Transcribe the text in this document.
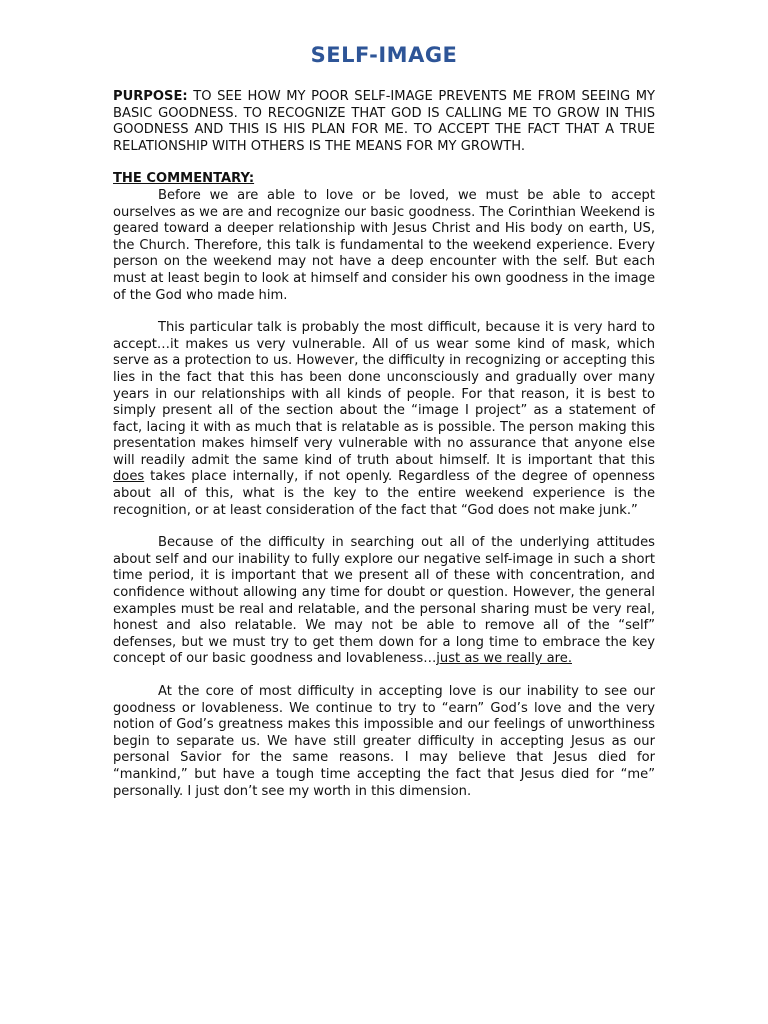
SELF-IMAGE

PURPOSE: TO SEE HOW MY POOR SELF-IMAGE PREVENTS ME FROM SEEING MY BASIC GOODNESS. TO RECOGNIZE THAT GOD IS CALLING ME TO GROW IN THIS GOODNESS AND THIS IS HIS PLAN FOR ME. TO ACCEPT THE FACT THAT A TRUE RELATIONSHIP WITH OTHERS IS THE MEANS FOR MY GROWTH.

THE COMMENTARY:

Before we are able to love or be loved, we must be able to accept ourselves as we are and recognize our basic goodness. The Corinthian Weekend is geared toward a deeper relationship with Jesus Christ and His body on earth, US, the Church. Therefore, this talk is fundamental to the weekend experience. Every person on the weekend may not have a deep encounter with the self. But each must at least begin to look at himself and consider his own goodness in the image of the God who made him.

This particular talk is probably the most difficult, because it is very hard to accept…it makes us very vulnerable. All of us wear some kind of mask, which serve as a protection to us. However, the difficulty in recognizing or accepting this lies in the fact that this has been done unconsciously and gradually over many years in our relationships with all kinds of people. For that reason, it is best to simply present all of the section about the “image I project” as a statement of fact, lacing it with as much that is relatable as is possible. The person making this presentation makes himself very vulnerable with no assurance that anyone else will readily admit the same kind of truth about himself. It is important that this does takes place internally, if not openly. Regardless of the degree of openness about all of this, what is the key to the entire weekend experience is the recognition, or at least consideration of the fact that “God does not make junk.”

Because of the difficulty in searching out all of the underlying attitudes about self and our inability to fully explore our negative self-image in such a short time period, it is important that we present all of these with concentration, and confidence without allowing any time for doubt or question. However, the general examples must be real and relatable, and the personal sharing must be very real, honest and also relatable. We may not be able to remove all of the “self” defenses, but we must try to get them down for a long time to embrace the key concept of our basic goodness and lovableness…just as we really are.

At the core of most difficulty in accepting love is our inability to see our goodness or lovableness. We continue to try to “earn” God’s love and the very notion of God’s greatness makes this impossible and our feelings of unworthiness begin to separate us. We have still greater difficulty in accepting Jesus as our personal Savior for the same reasons. I may believe that Jesus died for “mankind,” but have a tough time accepting the fact that Jesus died for “me” personally. I just don’t see my worth in this dimension.
